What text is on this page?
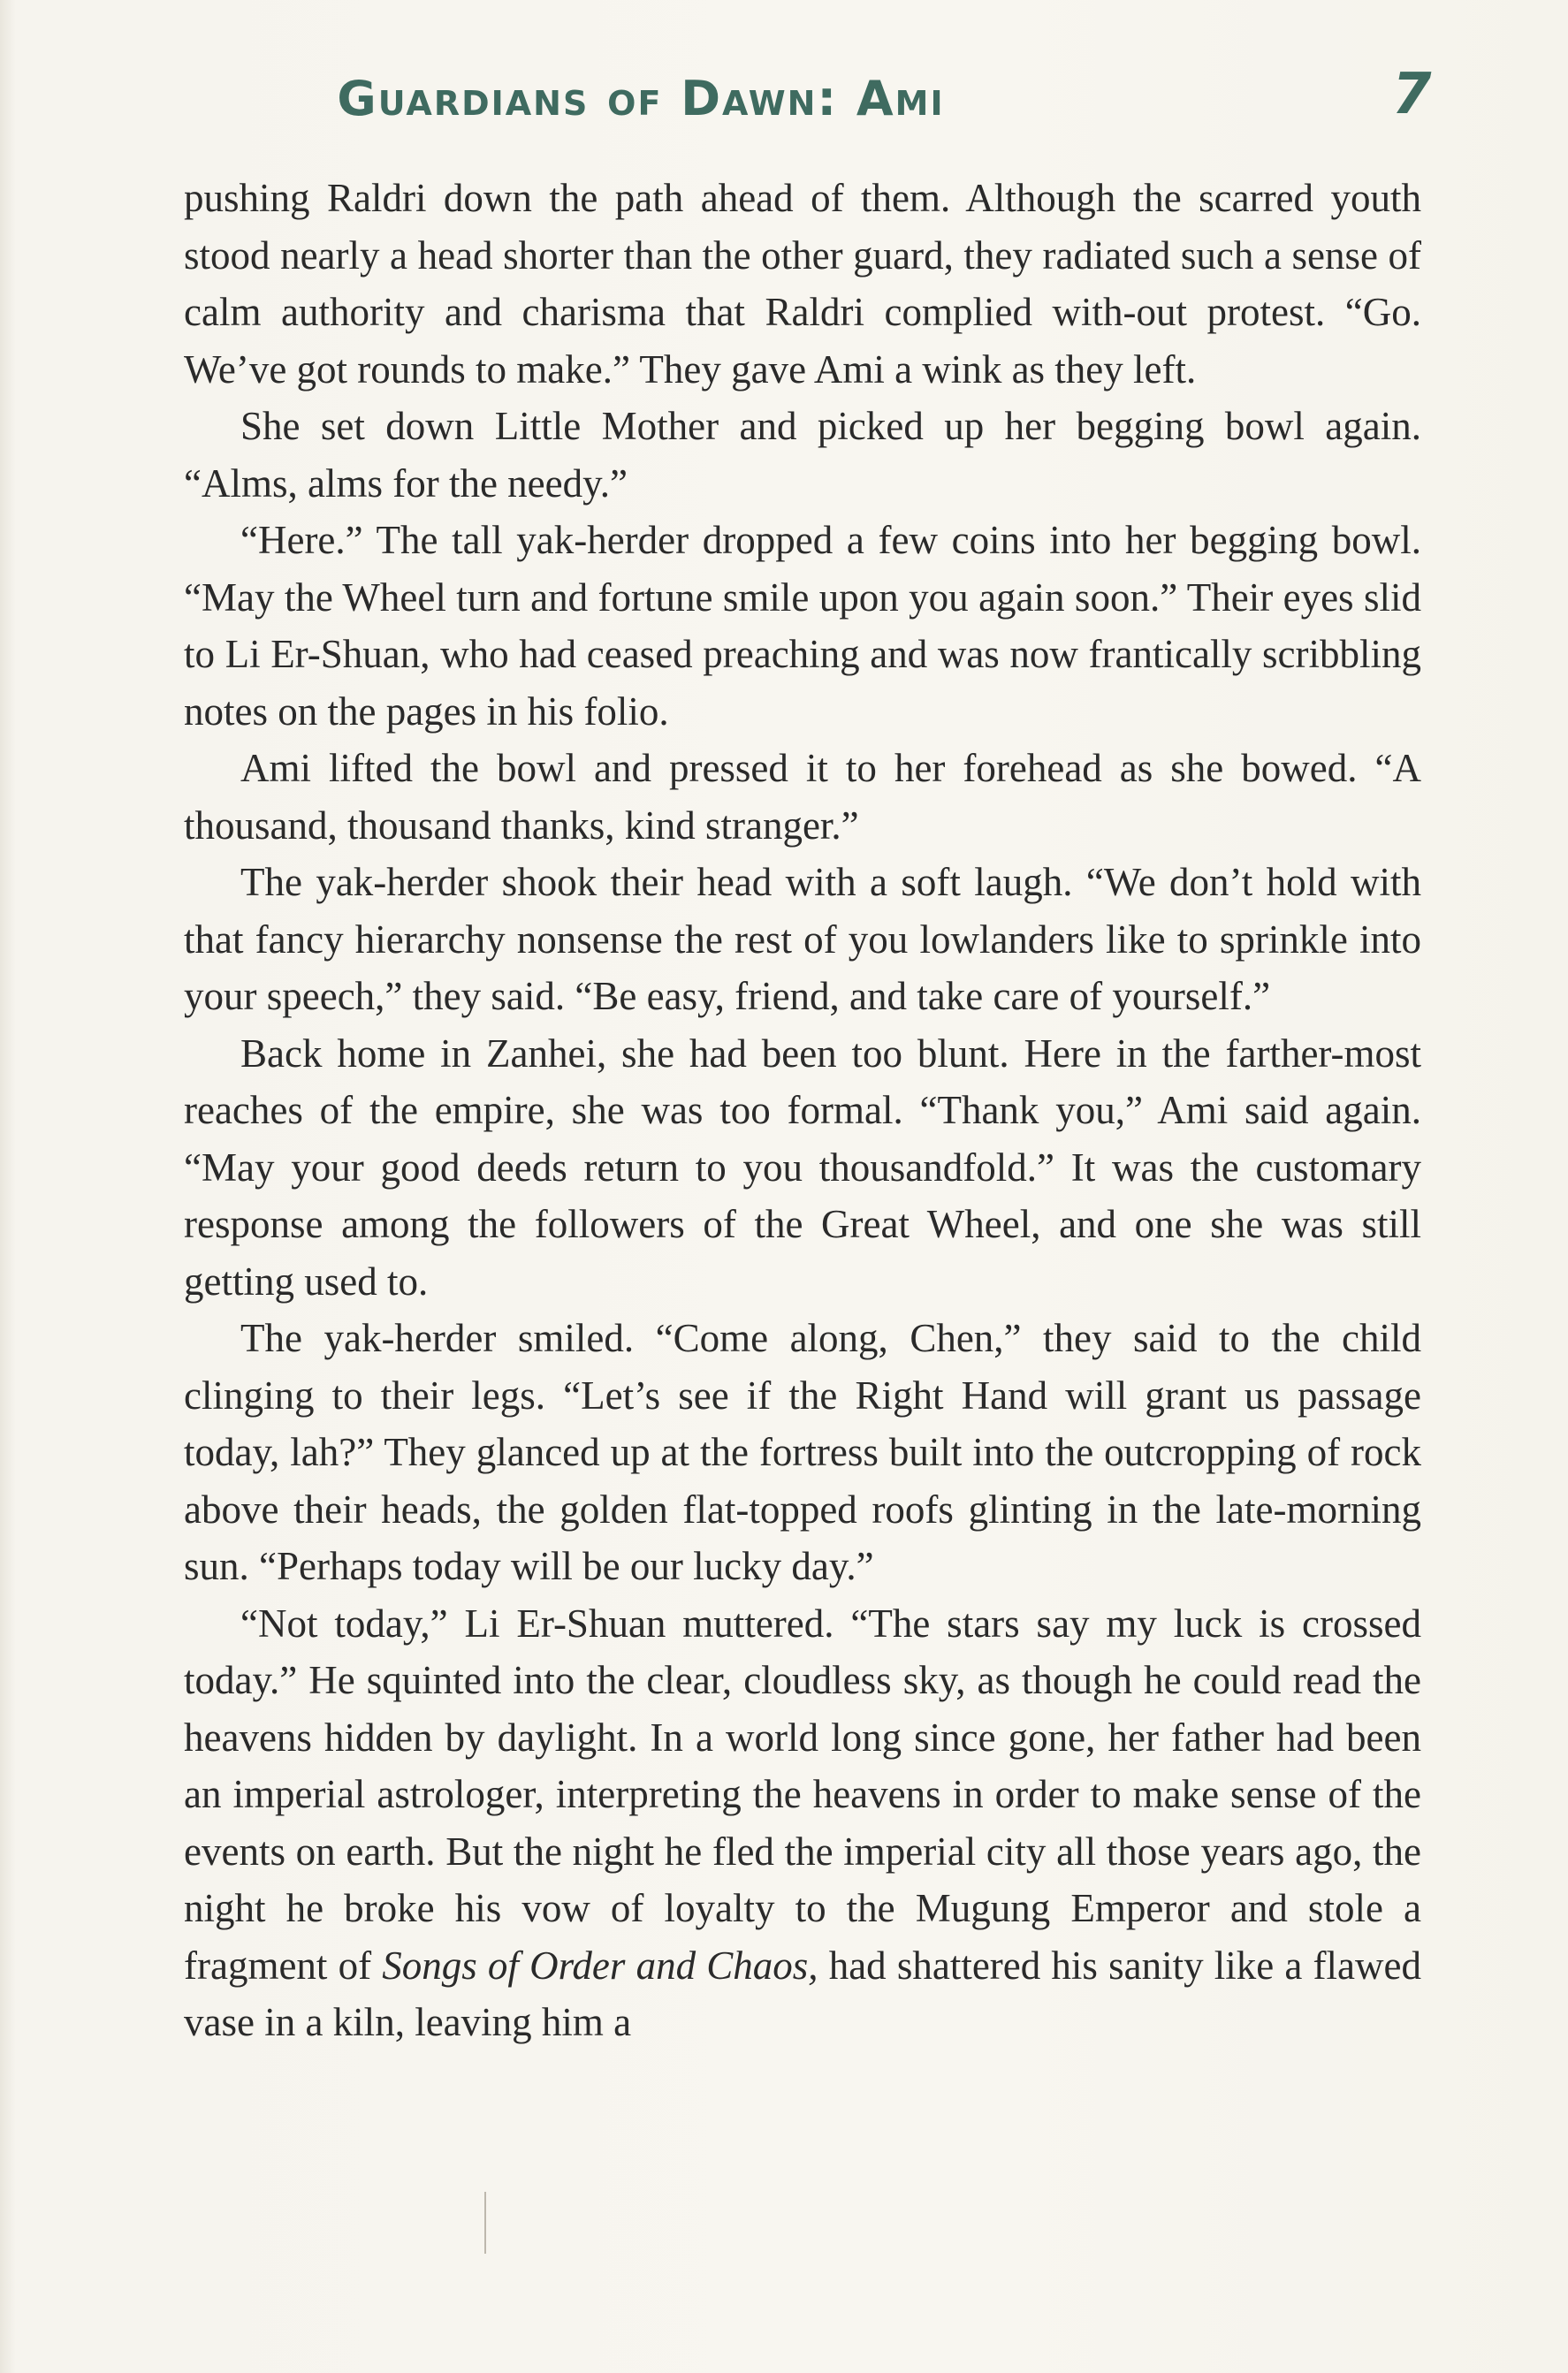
Guardians of Dawn: Ami	7

pushing Raldri down the path ahead of them. Although the scarred youth stood nearly a head shorter than the other guard, they radiated such a sense of calm authority and charisma that Raldri complied with-out protest. “Go. We’ve got rounds to make.” They gave Ami a wink as they left.

She set down Little Mother and picked up her begging bowl again. “Alms, alms for the needy.”

“Here.” The tall yak-herder dropped a few coins into her begging bowl. “May the Wheel turn and fortune smile upon you again soon.” Their eyes slid to Li Er-Shuan, who had ceased preaching and was now frantically scribbling notes on the pages in his folio.

Ami lifted the bowl and pressed it to her forehead as she bowed. “A thousand, thousand thanks, kind stranger.”

The yak-herder shook their head with a soft laugh. “We don’t hold with that fancy hierarchy nonsense the rest of you lowlanders like to sprinkle into your speech,” they said. “Be easy, friend, and take care of yourself.”

Back home in Zanhei, she had been too blunt. Here in the farther-most reaches of the empire, she was too formal. “Thank you,” Ami said again. “May your good deeds return to you thousandfold.” It was the customary response among the followers of the Great Wheel, and one she was still getting used to.

The yak-herder smiled. “Come along, Chen,” they said to the child clinging to their legs. “Let’s see if the Right Hand will grant us passage today, lah?” They glanced up at the fortress built into the outcropping of rock above their heads, the golden flat-topped roofs glinting in the late-morning sun. “Perhaps today will be our lucky day.”

“Not today,” Li Er-Shuan muttered. “The stars say my luck is crossed today.” He squinted into the clear, cloudless sky, as though he could read the heavens hidden by daylight. In a world long since gone, her father had been an imperial astrologer, interpreting the heavens in order to make sense of the events on earth. But the night he fled the imperial city all those years ago, the night he broke his vow of loyalty to the Mugung Emperor and stole a fragment of Songs of Order and Chaos, had shattered his sanity like a flawed vase in a kiln, leaving him a
